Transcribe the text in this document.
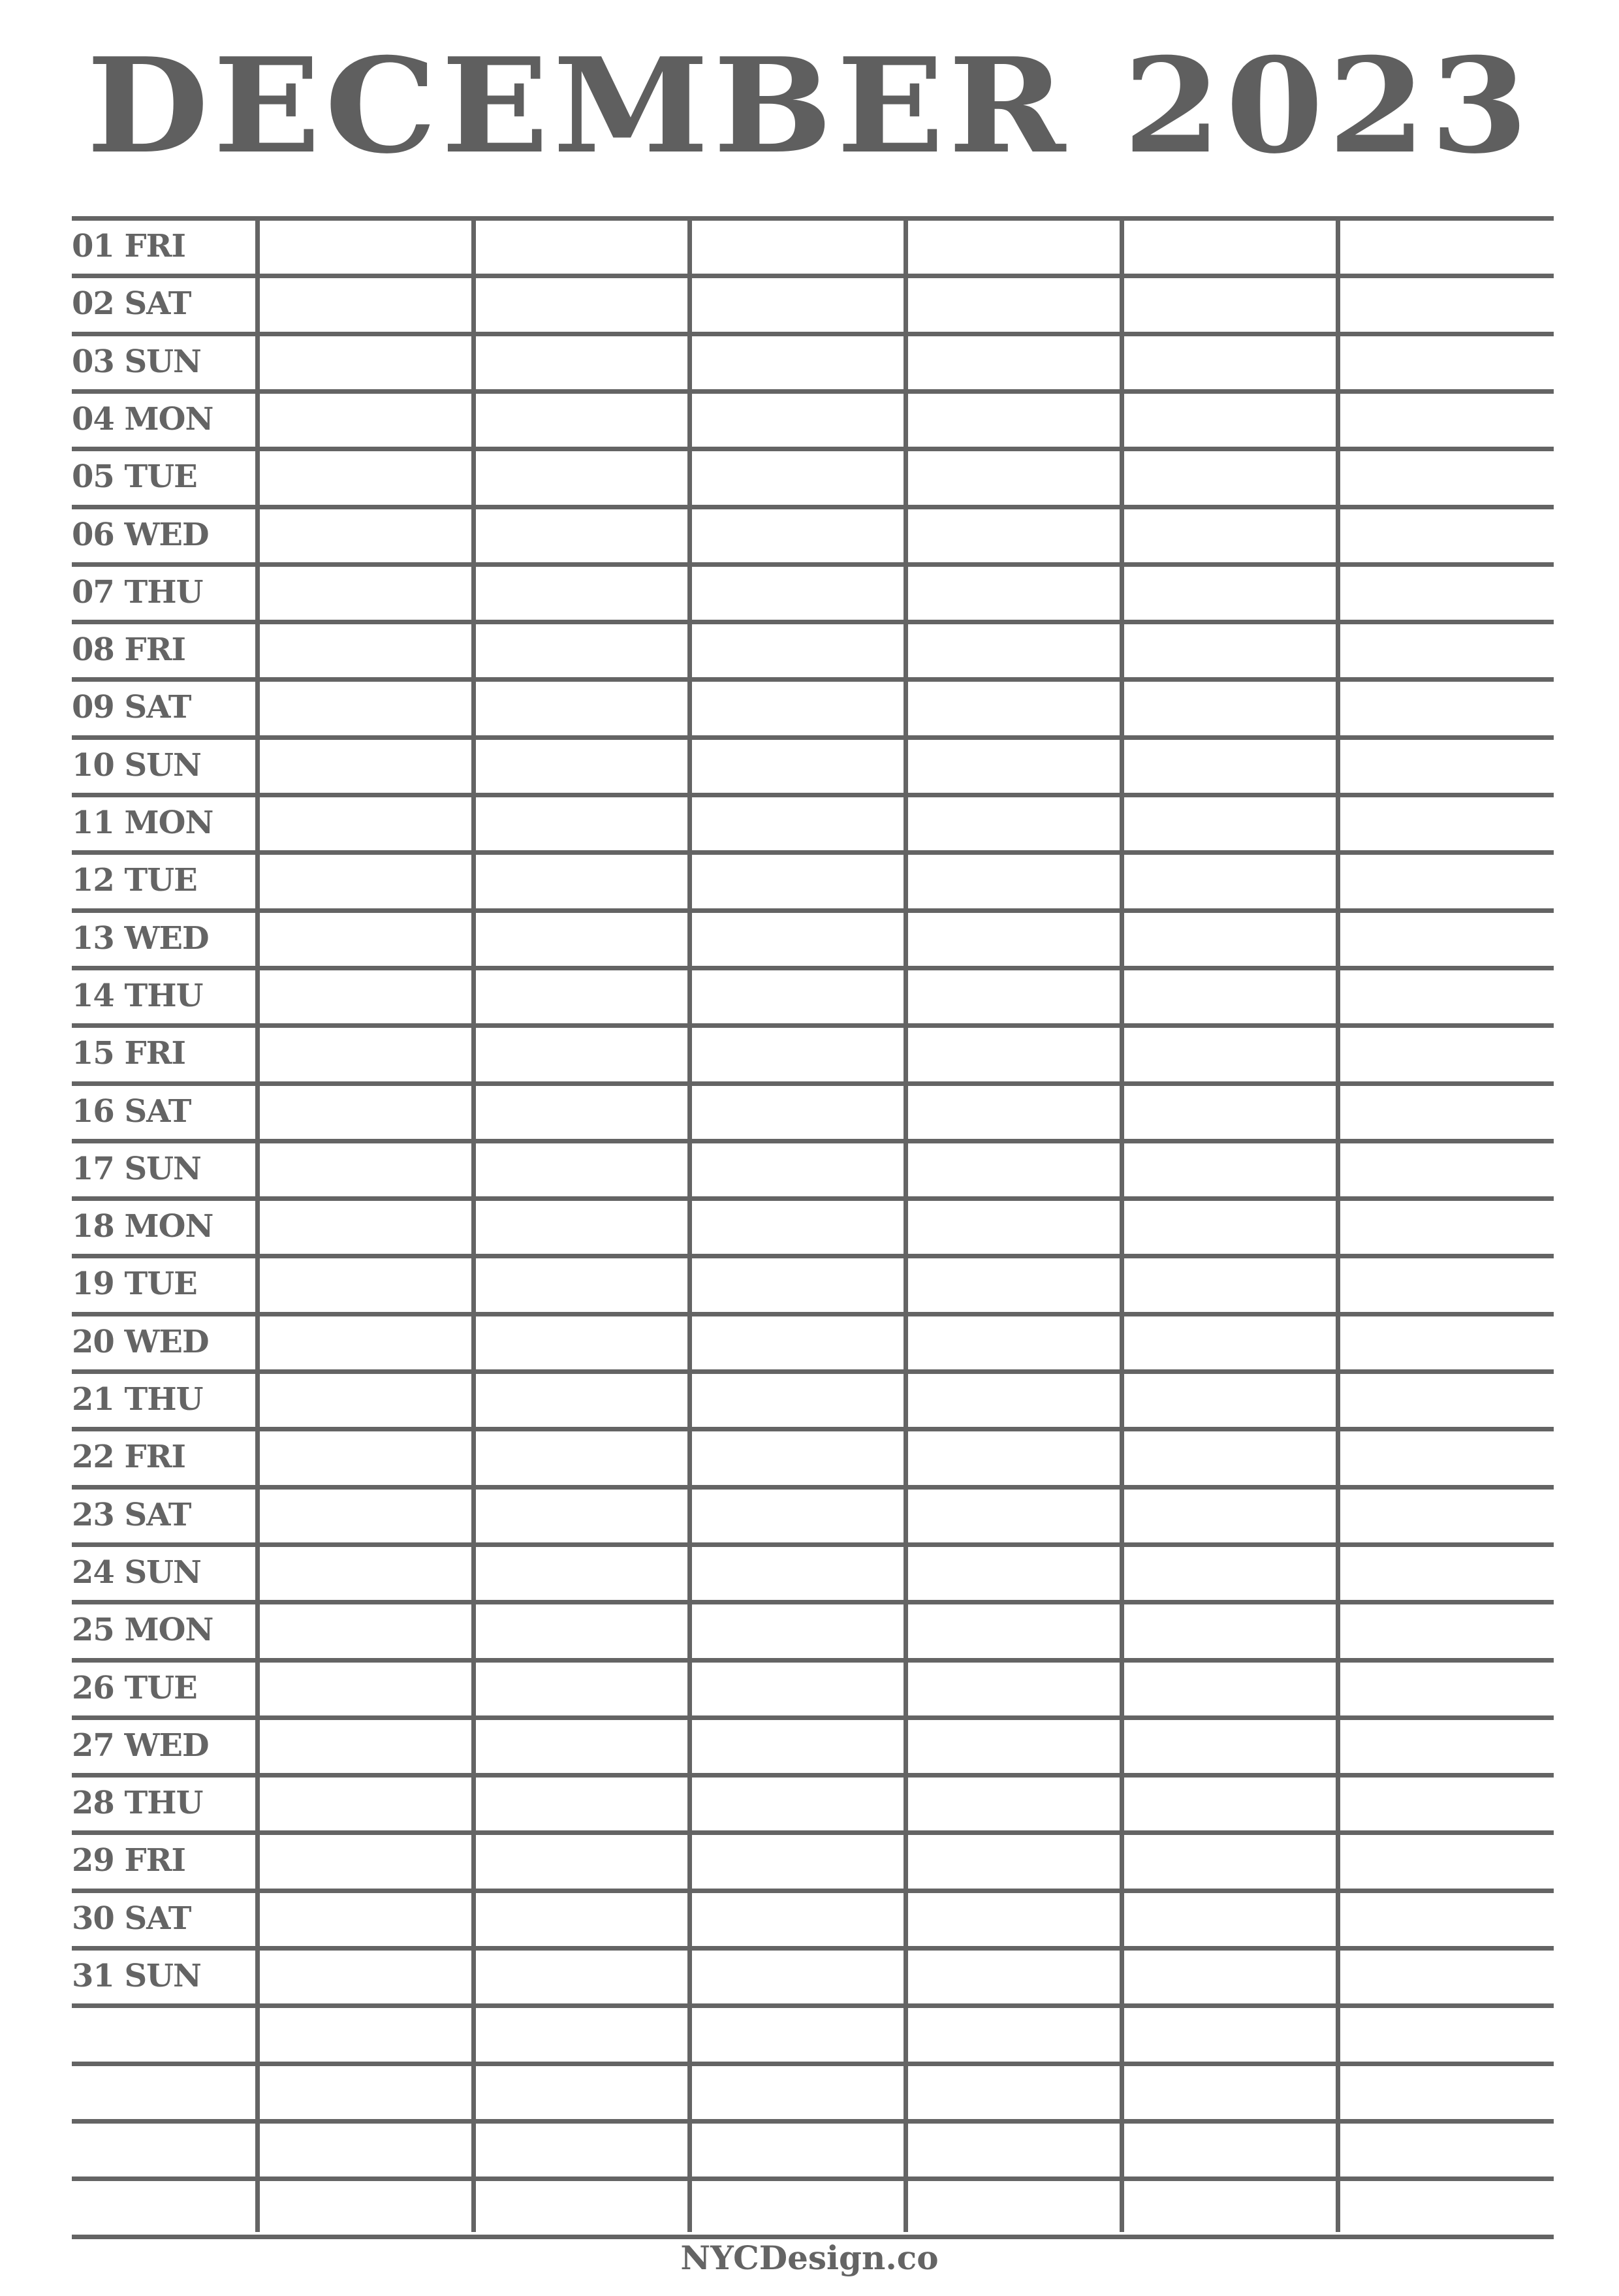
DECEMBER 2023
01 FRI
02 SAT
03 SUN
04 MON
05 TUE
06 WED
07 THU
08 FRI
09 SAT
10 SUN
11 MON
12 TUE
13 WED
14 THU
15 FRI
16 SAT
17 SUN
18 MON
19 TUE
20 WED
21 THU
22 FRI
23 SAT
24 SUN
25 MON
26 TUE
27 WED
28 THU
29 FRI
30 SAT
31 SUN
NYCDesign.co
